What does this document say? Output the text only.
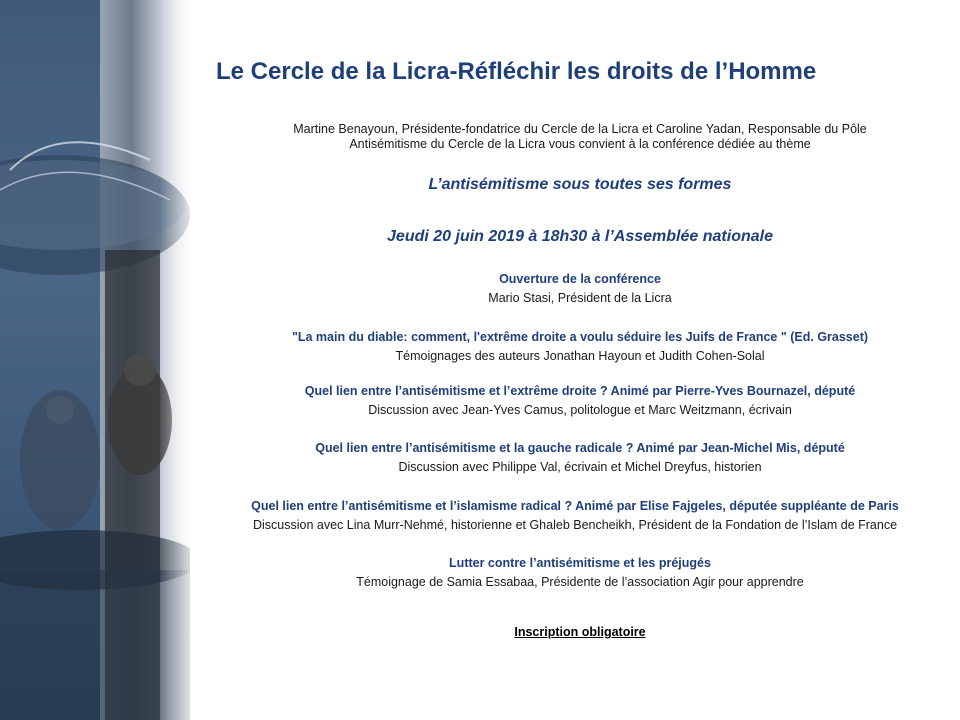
Le Cercle de la Licra-Réfléchir les droits de l’Homme
Martine Benayoun, Présidente-fondatrice du Cercle de la Licra et Caroline Yadan, Responsable du Pôle
Antisémitisme du Cercle de la Licra vous convient à la conférence dédiée au thème
L’antisémitisme sous toutes ses formes
Jeudi 20 juin 2019 à 18h30 à l’Assemblée nationale
Ouverture de la conférence
Mario Stasi, Président de la Licra
"La main du diable: comment, l'extrême droite a voulu séduire les Juifs de France " (Ed. Grasset)
Témoignages des auteurs Jonathan Hayoun et Judith Cohen-Solal
Quel lien entre l’antisémitisme et l’extrême droite ? Animé par Pierre-Yves Bournazel, député
Discussion avec Jean-Yves Camus, politologue et Marc Weitzmann, écrivain
Quel lien entre l’antisémitisme et la gauche radicale ? Animé par Jean-Michel Mis, député
Discussion avec Philippe Val, écrivain et Michel Dreyfus, historien
Quel lien entre l’antisémitisme et l’islamisme radical ? Animé par Elise Fajgeles, députée suppléante de Paris
Discussion avec Lina Murr-Nehmé, historienne et Ghaleb Bencheikh, Président de la Fondation de l’Islam de France
Lutter contre l’antisémitisme et les préjugés
Témoignage de Samia Essabaa, Présidente de l’association Agir pour apprendre
Inscription obligatoire
